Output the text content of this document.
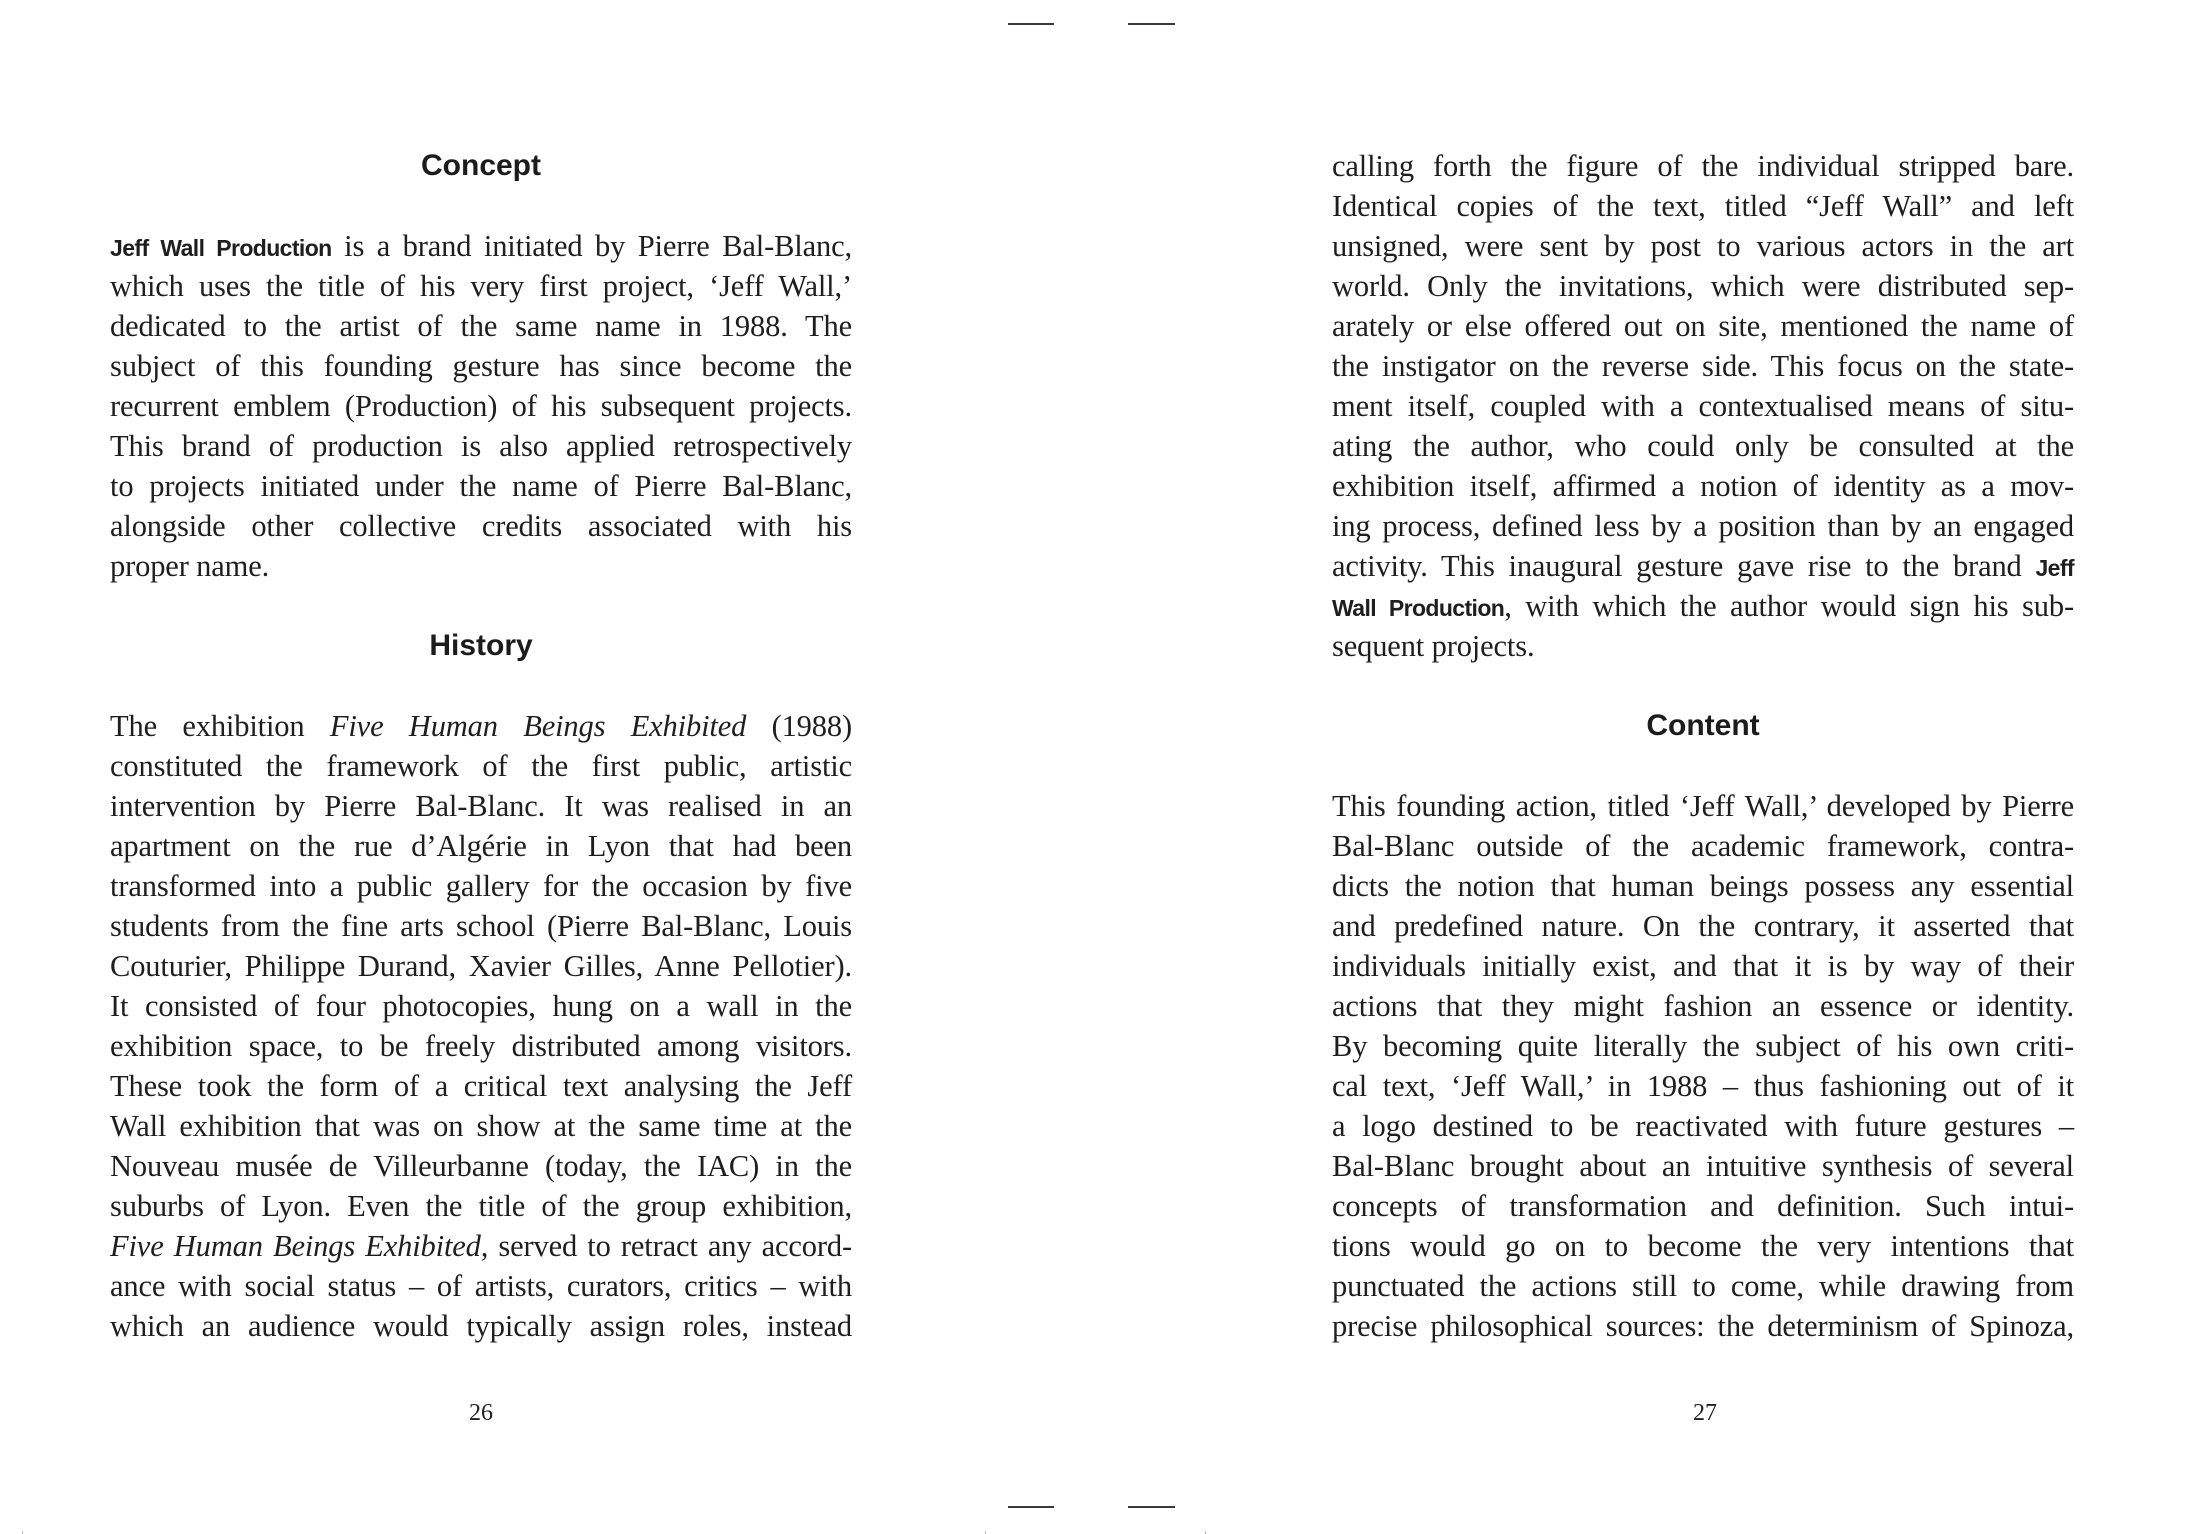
Concept
Jeff Wall Production is a brand initiated by Pierre Bal-Blanc,
which uses the title of his very first project, ‘Jeff Wall,’
dedicated to the artist of the same name in 1988. The
subject of this founding gesture has since become the
recurrent emblem (Production) of his subsequent projects.
This brand of production is also applied retrospectively
to projects initiated under the name of Pierre Bal-Blanc,
alongside other collective credits associated with his
proper name.
History
The exhibition Five Human Beings Exhibited (1988)
constituted the framework of the first public, artistic
intervention by Pierre Bal-Blanc. It was realised in an
apartment on the rue d’Algérie in Lyon that had been
transformed into a public gallery for the occasion by five
students from the fine arts school (Pierre Bal-Blanc, Louis
Couturier, Philippe Durand, Xavier Gilles, Anne Pellotier).
It consisted of four photocopies, hung on a wall in the
exhibition space, to be freely distributed among visitors.
These took the form of a critical text analysing the Jeff
Wall exhibition that was on show at the same time at the
Nouveau musée de Villeurbanne (today, the IAC) in the
suburbs of Lyon. Even the title of the group exhibition,
Five Human Beings Exhibited, served to retract any accord-
ance with social status – of artists, curators, critics – with
which an audience would typically assign roles, instead
26
calling forth the figure of the individual stripped bare.
Identical copies of the text, titled “Jeff Wall” and left
unsigned, were sent by post to various actors in the art
world. Only the invitations, which were distributed sep-
arately or else offered out on site, mentioned the name of
the instigator on the reverse side. This focus on the state-
ment itself, coupled with a contextualised means of situ-
ating the author, who could only be consulted at the
exhibition itself, affirmed a notion of identity as a mov-
ing process, defined less by a position than by an engaged
activity. This inaugural gesture gave rise to the brand Jeff
Wall Production, with which the author would sign his sub-
sequent projects.
Content
This founding action, titled ‘Jeff Wall,’ developed by Pierre
Bal-Blanc outside of the academic framework, contra-
dicts the notion that human beings possess any essential
and predefined nature. On the contrary, it asserted that
individuals initially exist, and that it is by way of their
actions that they might fashion an essence or identity.
By becoming quite literally the subject of his own criti-
cal text, ‘Jeff Wall,’ in 1988 – thus fashioning out of it
a logo destined to be reactivated with future gestures –
Bal-Blanc brought about an intuitive synthesis of several
concepts of transformation and definition. Such intui-
tions would go on to become the very intentions that
punctuated the actions still to come, while drawing from
precise philosophical sources: the determinism of Spinoza,
27
